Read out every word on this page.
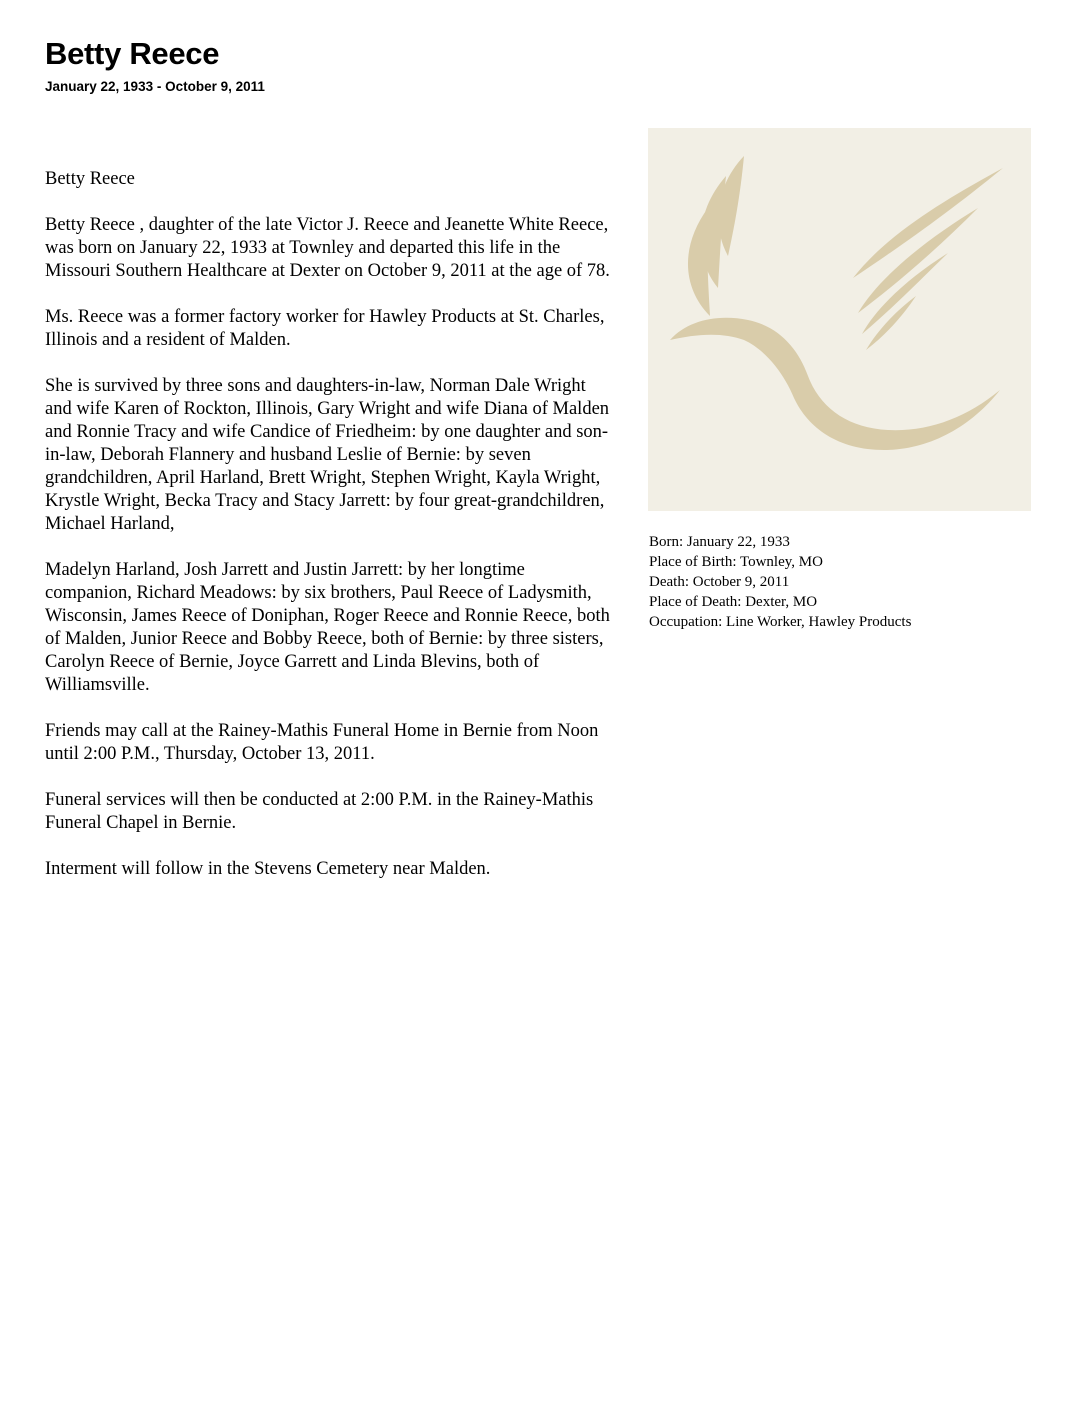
Betty Reece
January 22, 1933 - October 9, 2011

Betty Reece

Betty Reece , daughter of the late Victor J. Reece and Jeanette White Reece, was born on January 22, 1933 at Townley and departed this life in the Missouri Southern Healthcare at Dexter on October 9, 2011 at the age of 78.

Ms. Reece was a former factory worker for Hawley Products at St. Charles, Illinois and a resident of Malden.

She is survived by three sons and daughters-in-law, Norman Dale Wright and wife Karen of Rockton, Illinois, Gary Wright and wife Diana of Malden and Ronnie Tracy and wife Candice of Friedheim: by one daughter and son-in-law, Deborah Flannery and husband Leslie of Bernie: by seven grandchildren, April Harland, Brett Wright, Stephen Wright, Kayla Wright, Krystle Wright, Becka Tracy and Stacy Jarrett: by four great-grandchildren, Michael Harland,

Madelyn Harland, Josh Jarrett and Justin Jarrett: by her longtime companion, Richard Meadows: by six brothers, Paul Reece of Ladysmith, Wisconsin, James Reece of Doniphan, Roger Reece and Ronnie Reece, both of Malden, Junior Reece and Bobby Reece, both of Bernie: by three sisters, Carolyn Reece of Bernie, Joyce Garrett and Linda Blevins, both of Williamsville.

Friends may call at the Rainey-Mathis Funeral Home in Bernie from Noon until 2:00 P.M., Thursday, October 13, 2011.

Funeral services will then be conducted at 2:00 P.M. in the Rainey-Mathis Funeral Chapel in Bernie.

Interment will follow in the Stevens Cemetery near Malden.

Born: January 22, 1933
Place of Birth: Townley, MO
Death: October 9, 2011
Place of Death: Dexter, MO
Occupation: Line Worker, Hawley Products
